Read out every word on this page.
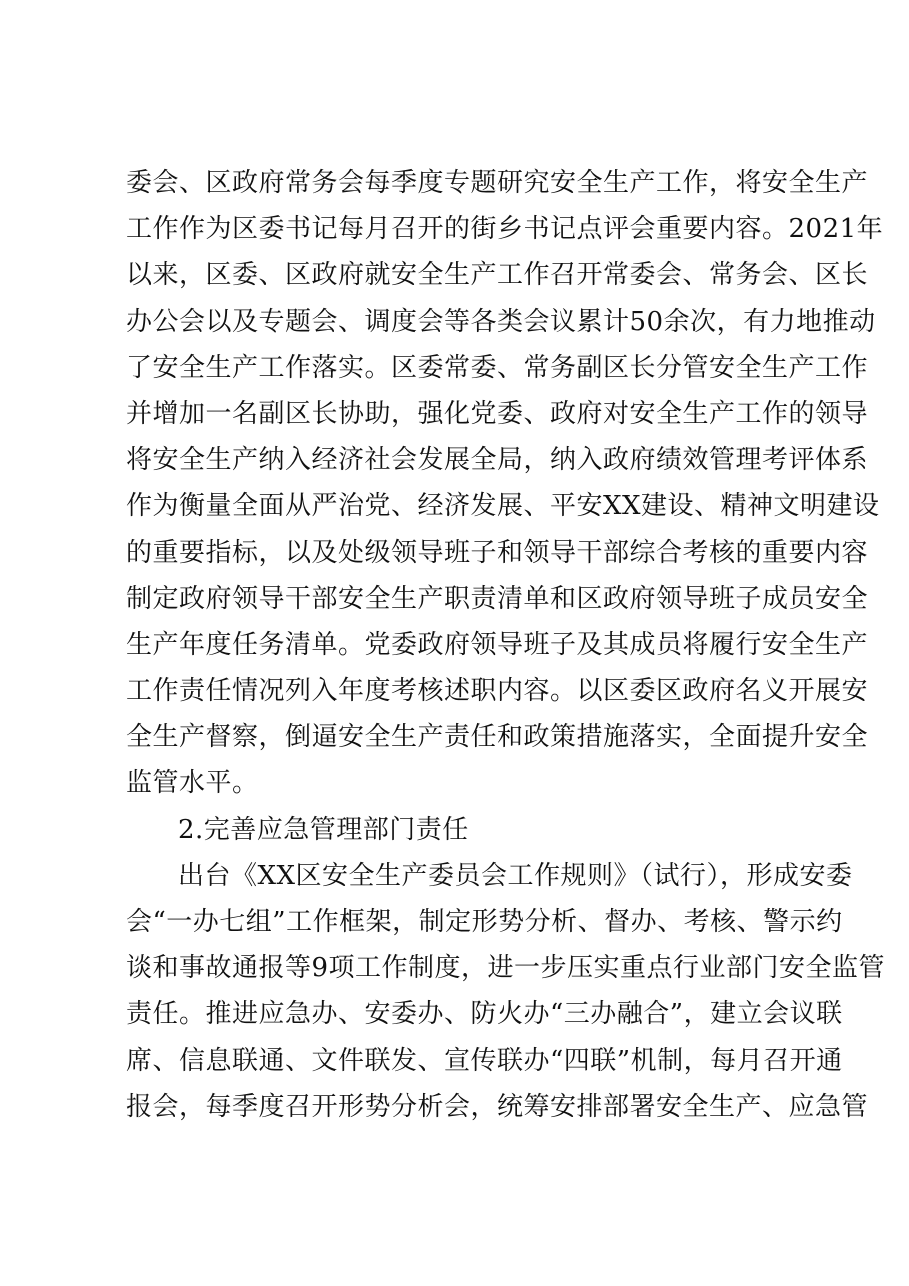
委会、区政府常务会每季度专题研究安全生产工作，将安全生产
工作作为区委书记每月召开的街乡书记点评会重要内容。2021年
以来，区委、区政府就安全生产工作召开常委会、常务会、区长
办公会以及专题会、调度会等各类会议累计50余次，有力地推动
了安全生产工作落实。区委常委、常务副区长分管安全生产工作
并增加一名副区长协助，强化党委、政府对安全生产工作的领导
将安全生产纳入经济社会发展全局，纳入政府绩效管理考评体系
作为衡量全面从严治党、经济发展、平安XX建设、精神文明建设
的重要指标，以及处级领导班子和领导干部综合考核的重要内容
制定政府领导干部安全生产职责清单和区政府领导班子成员安全
生产年度任务清单。党委政府领导班子及其成员将履行安全生产
工作责任情况列入年度考核述职内容。以区委区政府名义开展安
全生产督察，倒逼安全生产责任和政策措施落实，全面提升安全
监管水平。
2.完善应急管理部门责任
出台《XX区安全生产委员会工作规则》（试行），形成安委
会“一办七组”工作框架，制定形势分析、督办、考核、警示约
谈和事故通报等9项工作制度，进一步压实重点行业部门安全监管
责任。推进应急办、安委办、防火办“三办融合”，建立会议联
席、信息联通、文件联发、宣传联办“四联”机制，每月召开通
报会，每季度召开形势分析会，统筹安排部署安全生产、应急管
